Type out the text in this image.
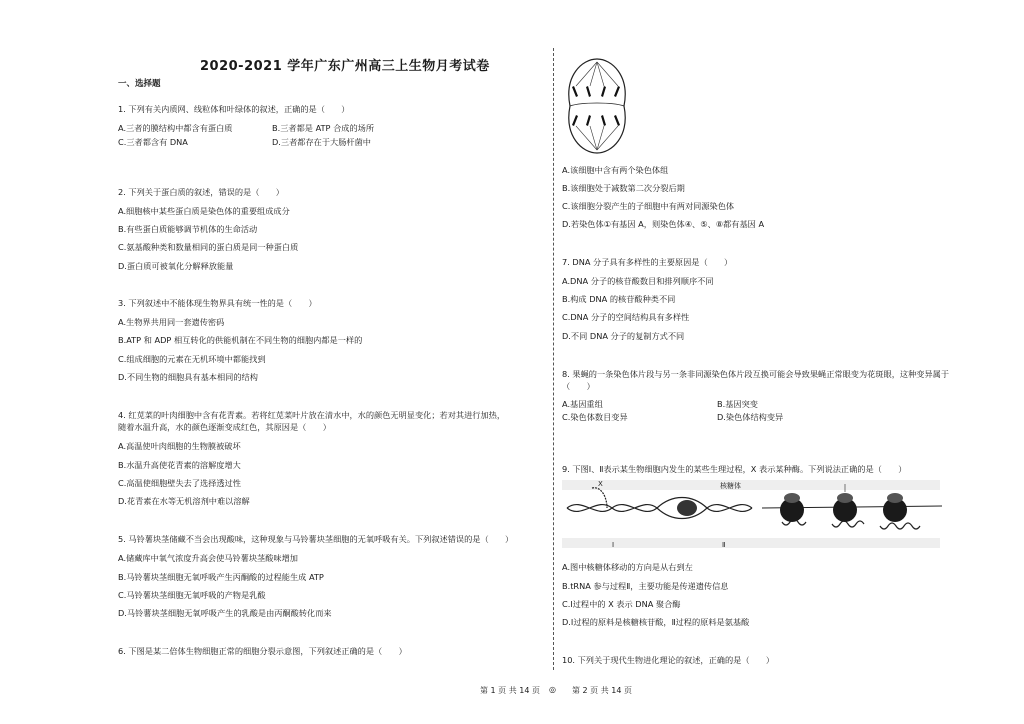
2020-2021 学年广东广州高三上生物月考试卷
一、选择题
1. 下列有关内质网、线粒体和叶绿体的叙述，正确的是（　　）
A.三者的膜结构中都含有蛋白质	B.三者都是 ATP 合成的场所
C.三者都含有 DNA	D.三者都存在于大肠杆菌中
2. 下列关于蛋白质的叙述，错误的是（　　）
A.细胞核中某些蛋白质是染色体的重要组成成分
B.有些蛋白质能够调节机体的生命活动
C.氨基酸种类和数量相同的蛋白质是同一种蛋白质
D.蛋白质可被氧化分解释放能量
3. 下列叙述中不能体现生物界具有统一性的是（　　）
A.生物界共用同一套遗传密码
B.ATP 和 ADP 相互转化的供能机制在不同生物的细胞内都是一样的
C.组成细胞的元素在无机环境中都能找到
D.不同生物的细胞具有基本相同的结构
4. 红苋菜的叶肉细胞中含有花青素。若将红苋菜叶片放在清水中，水的颜色无明显变化；若对其进行加热，
随着水温升高，水的颜色逐渐变成红色，其原因是（　　）
A.高温使叶肉细胞的生物膜被破坏
B.水温升高使花青素的溶解度增大
C.高温使细胞壁失去了选择透过性
D.花青素在水等无机溶剂中难以溶解
5. 马铃薯块茎储藏不当会出现酸味，这种现象与马铃薯块茎细胞的无氧呼吸有关。下列叙述错误的是（　　）
A.储藏库中氧气浓度升高会使马铃薯块茎酸味增加
B.马铃薯块茎细胞无氧呼吸产生丙酮酸的过程能生成 ATP
C.马铃薯块茎细胞无氧呼吸的产物是乳酸
D.马铃薯块茎细胞无氧呼吸产生的乳酸是由丙酮酸转化而来
6. 下图是某二倍体生物细胞正常的细胞分裂示意图，下列叙述正确的是（　　）
A.该细胞中含有两个染色体组
B.该细胞处于减数第二次分裂后期
C.该细胞分裂产生的子细胞中有两对同源染色体
D.若染色体①有基因 A，则染色体④、⑤、⑧都有基因 A
7. DNA 分子具有多样性的主要原因是（　　）
A.DNA 分子的核苷酸数目和排列顺序不同
B.构成 DNA 的核苷酸种类不同
C.DNA 分子的空间结构具有多样性
D.不同 DNA 分子的复制方式不同
8. 果蝇的一条染色体片段与另一条非同源染色体片段互换可能会导致果蝇正常眼变为花斑眼，这种变异属于
（　　）
A.基因重组	B.基因突变
C.染色体数目变异	D.染色体结构变异
9. 下图Ⅰ、Ⅱ表示某生物细胞内发生的某些生理过程，X 表示某种酶。下列说法正确的是（　　）
X	核糖体
Ⅰ	Ⅱ
A.图中核糖体移动的方向是从右到左
B.tRNA 参与过程Ⅱ，主要功能是传递遗传信息
C.Ⅰ过程中的 X 表示 DNA 聚合酶
D.Ⅰ过程的原料是核糖核苷酸，Ⅱ过程的原料是氨基酸
10. 下列关于现代生物进化理论的叙述，正确的是（　　）
第 1 页 共 14 页 ◎ 第 2 页 共 14 页
